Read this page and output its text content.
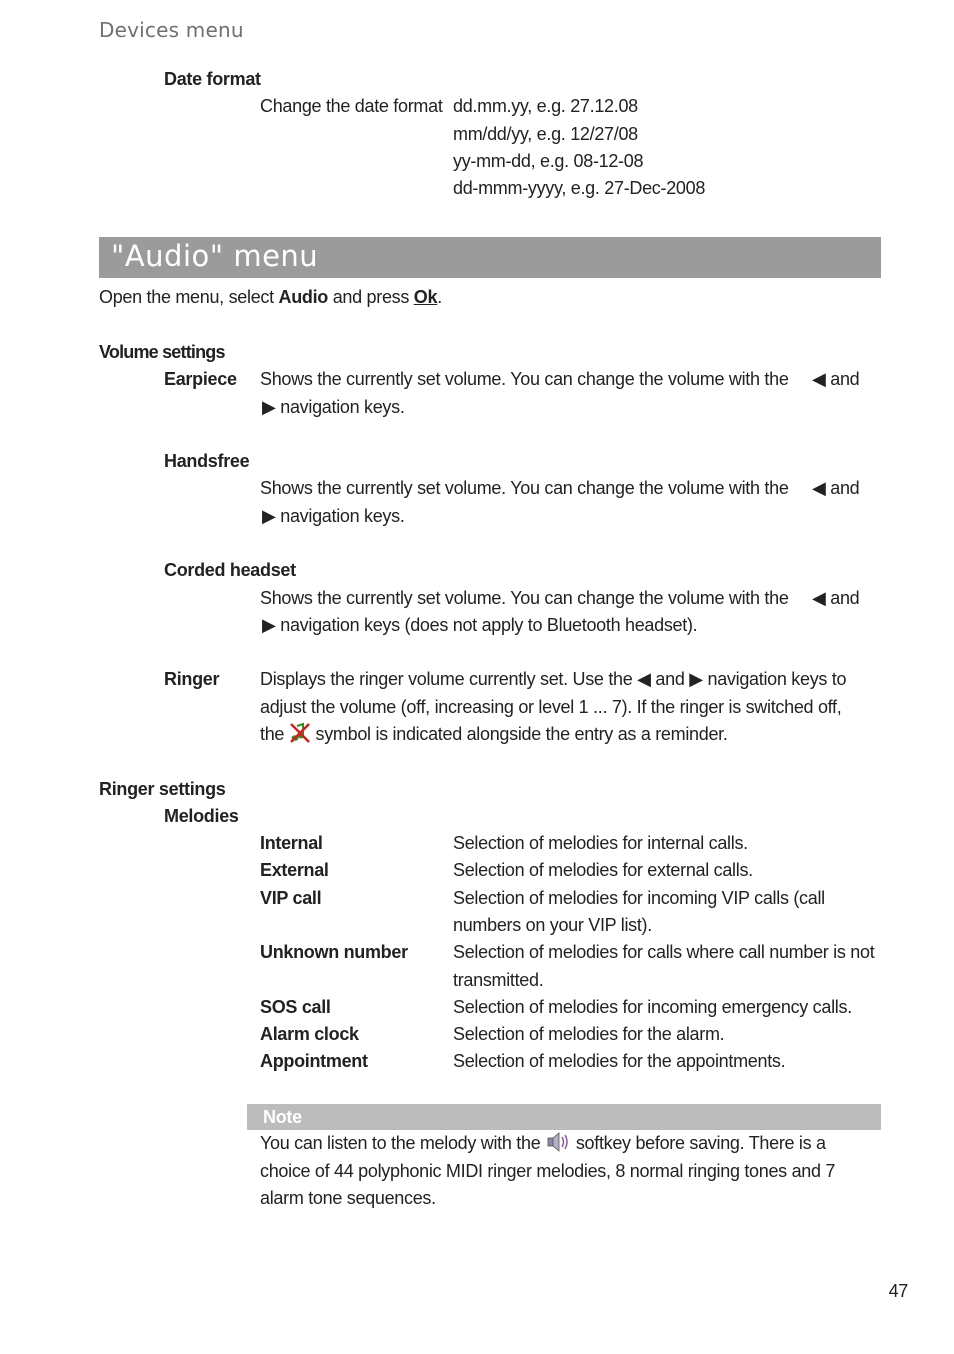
Devices menu
Date format
Change the date format dd.mm.yy, e.g. 27.12.08
mm/dd/yy, e.g. 12/27/08
yy-mm-dd, e.g. 08-12-08
dd-mmm-yyyy, e.g. 27-Dec-2008
"Audio" menu
Open the menu, select Audio and press Ok.
Volume settings
Earpiece Shows the currently set volume. You can change the volume with the ◀ and
▶ navigation keys.
Handsfree
Shows the currently set volume. You can change the volume with the ◀ and
▶ navigation keys.
Corded headset
Shows the currently set volume. You can change the volume with the ◀ and
▶ navigation keys (does not apply to Bluetooth headset).
Ringer Displays the ringer volume currently set. Use the ◀ and ▶ navigation keys to
adjust the volume (off, increasing or level 1 ... 7). If the ringer is switched off,
the symbol is indicated alongside the entry as a reminder.
Ringer settings
Melodies
Internal	Selection of melodies for internal calls.
External	Selection of melodies for external calls.
VIP call	Selection of melodies for incoming VIP calls (call
numbers on your VIP list).
Unknown number	Selection of melodies for calls where call number is not
transmitted.
SOS call	Selection of melodies for incoming emergency calls.
Alarm clock	Selection of melodies for the alarm.
Appointment	Selection of melodies for the appointments.
Note
You can listen to the melody with the softkey before saving. There is a
choice of 44 polyphonic MIDI ringer melodies, 8 normal ringing tones and 7
alarm tone sequences.
47
